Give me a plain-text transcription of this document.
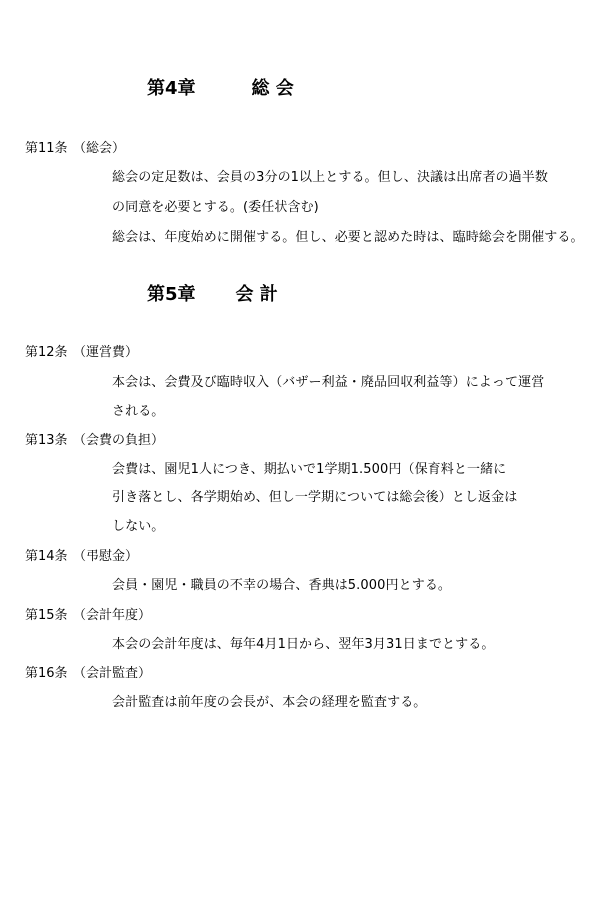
第4章	総 会
第11条 （総会）
総会の定足数は、会員の3分の1以上とする。但し、決議は出席者の過半数
の同意を必要とする。(委任状含む)
総会は、年度始めに開催する。但し、必要と認めた時は、臨時総会を開催する。
第5章 会 計
第12条 （運営費）
本会は、会費及び臨時収入（バザー利益・廃品回収利益等）によって運営
される。
第13条 （会費の負担）
会費は、園児1人につき、期払いで1学期1.500円（保育料と一緒に
引き落とし、各学期始め、但し一学期については総会後）とし返金は
しない。
第14条 （弔慰金）
会員・園児・職員の不幸の場合、香典は5.000円とする。
第15条 （会計年度）
本会の会計年度は、毎年4月1日から、翌年3月31日までとする。
第16条 （会計監査）
会計監査は前年度の会長が、本会の経理を監査する。
